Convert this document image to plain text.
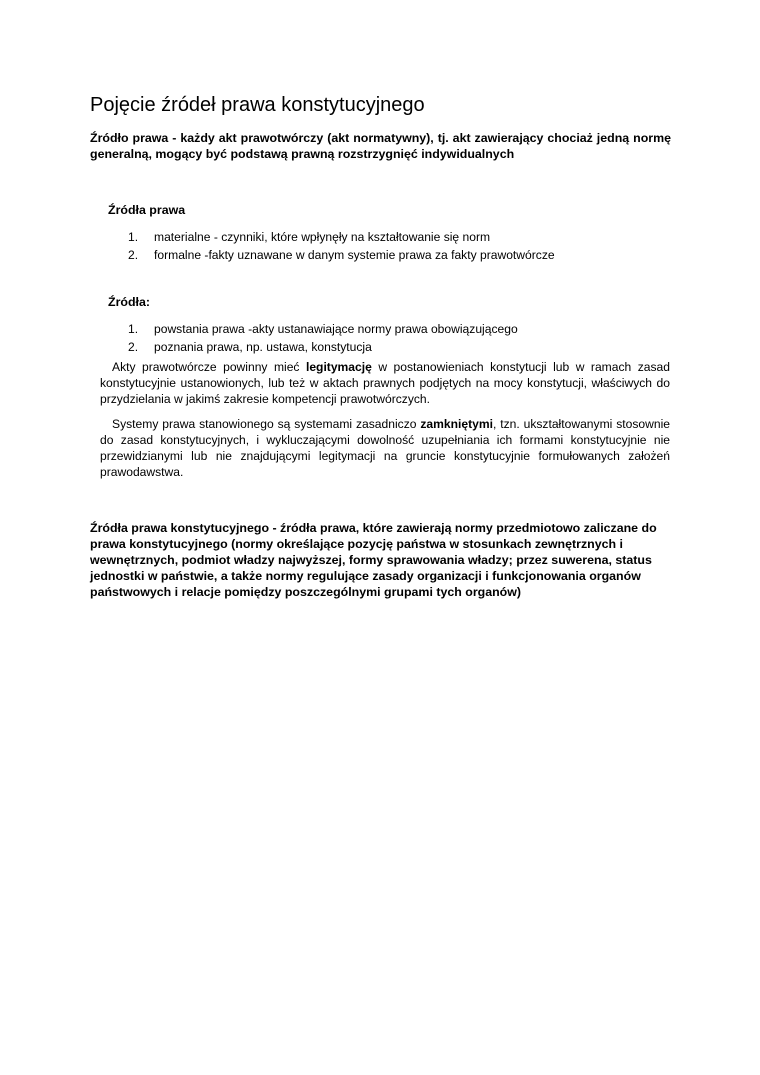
Pojęcie źródeł prawa konstytucyjnego

Źródło prawa - każdy akt prawotwórczy (akt normatywny), tj. akt zawierający chociaż jedną normę generalną, mogący być podstawą prawną rozstrzygnięć indywidualnych

Źródła prawa

1. materialne - czynniki, które wpłynęły na kształtowanie się norm
2. formalne -fakty uznawane w danym systemie prawa za fakty prawotwórcze

Źródła:

1. powstania prawa -akty ustanawiające normy prawa obowiązującego
2. poznania prawa, np. ustawa, konstytucja

Akty prawotwórcze powinny mieć legitymację w postanowieniach konstytucji lub w ramach zasad konstytucyjnie ustanowionych, lub też w aktach prawnych podjętych na mocy konstytucji, właściwych do przydzielania w jakimś zakresie kompetencji prawotwórczych.

Systemy prawa stanowionego są systemami zasadniczo zamkniętymi, tzn. ukształtowanymi stosownie do zasad konstytucyjnych, i wykluczającymi dowolność uzupełniania ich formami konstytucyjnie nie przewidzianymi lub nie znajdującymi legitymacji na gruncie konstytucyjnie formułowanych założeń prawodawstwa.

Źródła prawa konstytucyjnego - źródła prawa, które zawierają normy przedmiotowo zaliczane do prawa konstytucyjnego (normy określające pozycję państwa w stosunkach zewnętrznych i wewnętrznych, podmiot władzy najwyższej, formy sprawowania władzy; przez suwerena, status jednostki w państwie, a także normy regulujące zasady organizacji i funkcjonowania organów państwowych i relacje pomiędzy poszczególnymi grupami tych organów)
